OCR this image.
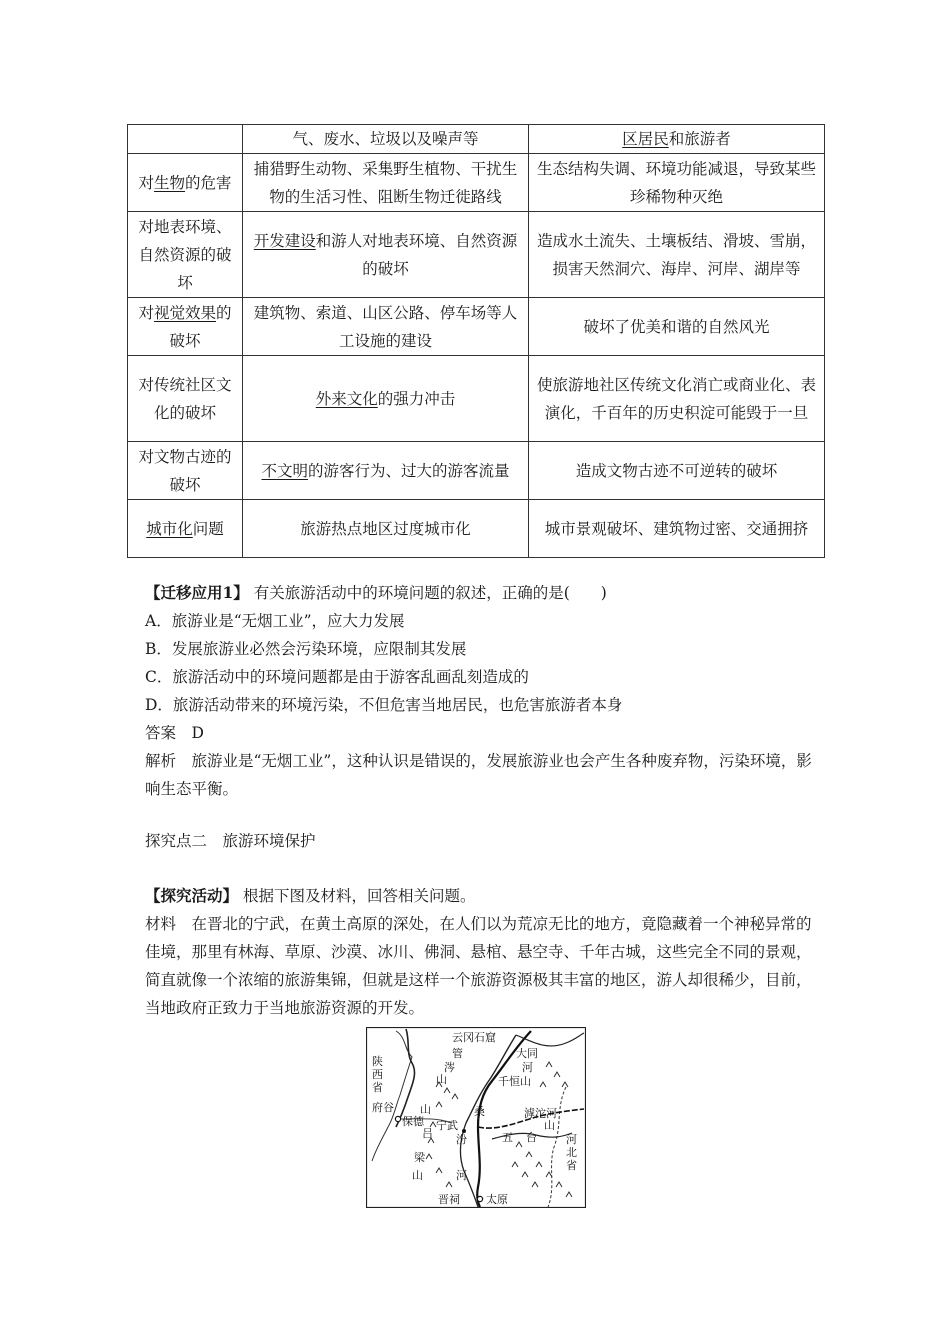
	气、废水、垃圾以及噪声等	区居民和旅游者
对生物的危害	捕猎野生动物、采集野生植物、干扰生物的生活习性、阻断生物迁徙路线	生态结构失调、环境功能减退，导致某些珍稀物种灭绝
对地表环境、自然资源的破坏	开发建设和游人对地表环境、自然资源的破坏	造成水土流失、土壤板结、滑坡、雪崩，损害天然洞穴、海岸、河岸、湖岸等
对视觉效果的破坏	建筑物、索道、山区公路、停车场等人工设施的建设	破坏了优美和谐的自然风光
对传统社区文化的破坏	外来文化的强力冲击	使旅游地社区传统文化消亡或商业化、表演化，千百年的历史积淀可能毁于一旦
对文物古迹的破坏	不文明的游客行为、过大的游客流量	造成文物古迹不可逆转的破坏
城市化问题	旅游热点地区过度城市化	城市景观破坏、建筑物过密、交通拥挤
【迁移应用1】 有关旅游活动中的环境问题的叙述，正确的是(　　)
A．旅游业是“无烟工业”，应大力发展
B．发展旅游业必然会污染环境，应限制其发展
C．旅游活动中的环境问题都是由于游客乱画乱刻造成的
D．旅游活动带来的环境污染，不但危害当地居民，也危害旅游者本身
答案　D
解析　旅游业是“无烟工业”，这种认识是错误的，发展旅游业也会产生各种废弃物，污染环境，影响生态平衡。
探究点二　旅游环境保护
【探究活动】 根据下图及材料，回答相关问题。
材料　在晋北的宁武，在黄土高原的深处，在人们以为荒凉无比的地方，竟隐藏着一个神秘异常的佳境，那里有林海、草原、沙漠、冰川、佛洞、悬棺、悬空寺、千年古城，这些完全不同的景观，简直就像一个浓缩的旅游集锦，但就是这样一个旅游资源极其丰富的地区，游人却很稀少，目前，当地政府正致力于当地旅游资源的开发。
陕西省
府谷
保德
云冈石窟
大同
管
涔
山
河
千恒山
山
宁武
桑	滹沱河
吕
梁
山
汾
河
五 台
山
河北省
晋祠 太原
